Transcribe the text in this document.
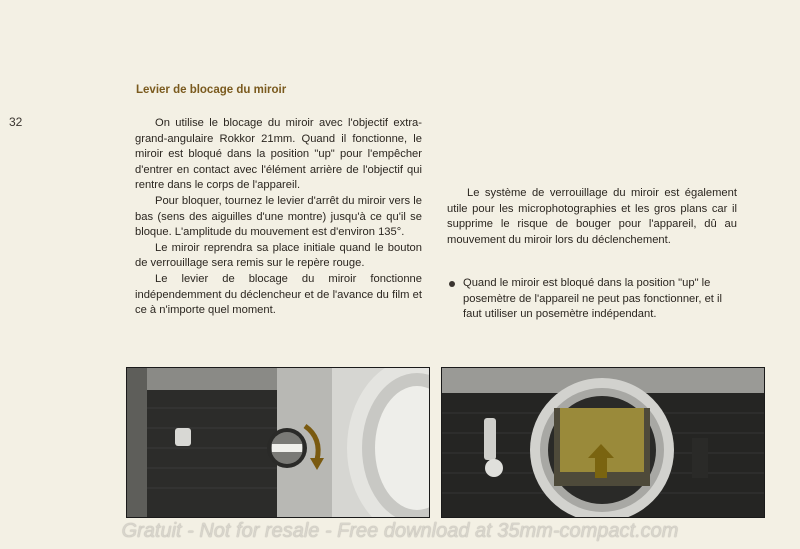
32
Levier de blocage du miroir

On utilise le blocage du miroir avec l'objectif extra-grand-angulaire Rokkor 21mm. Quand il fonctionne, le miroir est bloqué dans la position "up" pour l'empêcher d'entrer en contact avec l'élément arrière de l'objectif qui rentre dans le corps de l'appareil.

Pour bloquer, tournez le levier d'arrêt du miroir vers le bas (sens des aiguilles d'une montre) jusqu'à ce qu'il se bloque. L'amplitude du mouvement est d'environ 135°.

Le miroir reprendra sa place initiale quand le bouton de verrouillage sera remis sur le repère rouge.

Le levier de blocage du miroir fonctionne indépendemment du déclencheur et de l'avance du film et ce à n'importe quel moment.

Le système de verrouillage du miroir est également utile pour les microphotographies et les gros plans car il supprime le risque de bouger pour l'appareil, dû au mouvement du miroir lors du déclenchement.

Quand le miroir est bloqué dans la position "up" le posemètre de l'appareil ne peut pas fonctionner, et il faut utiliser un posemètre indépendant.
Gratuit - Not for resale - Free download at 35mm-compact.com
